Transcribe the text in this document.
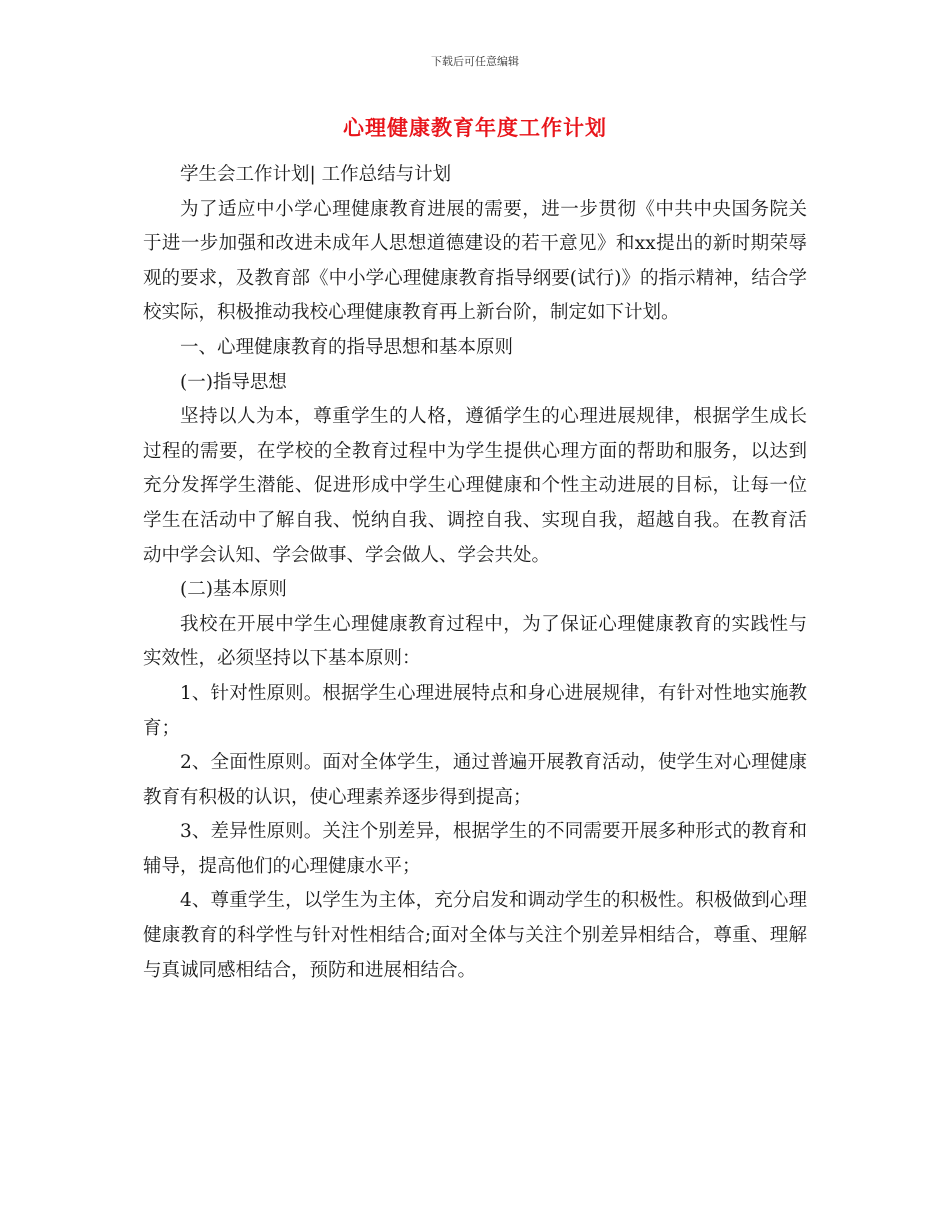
下载后可任意编辑
心理健康教育年度工作计划

学生会工作计划| 工作总结与计划

为了适应中小学心理健康教育进展的需要，进一步贯彻《中共中央国务院关于进一步加强和改进未成年人思想道德建设的若干意见》和xx提出的新时期荣辱观的要求，及教育部《中小学心理健康教育指导纲要(试行)》的指示精神，结合学校实际，积极推动我校心理健康教育再上新台阶，制定如下计划。

一、心理健康教育的指导思想和基本原则

(一)指导思想

坚持以人为本，尊重学生的人格，遵循学生的心理进展规律，根据学生成长过程的需要，在学校的全教育过程中为学生提供心理方面的帮助和服务，以达到充分发挥学生潜能、促进形成中学生心理健康和个性主动进展的目标，让每一位学生在活动中了解自我、悦纳自我、调控自我、实现自我，超越自我。在教育活动中学会认知、学会做事、学会做人、学会共处。

(二)基本原则

我校在开展中学生心理健康教育过程中，为了保证心理健康教育的实践性与实效性，必须坚持以下基本原则：

1、针对性原则。根据学生心理进展特点和身心进展规律，有针对性地实施教育；

2、全面性原则。面对全体学生，通过普遍开展教育活动，使学生对心理健康教育有积极的认识，使心理素养逐步得到提高；

3、差异性原则。关注个别差异，根据学生的不同需要开展多种形式的教育和辅导，提高他们的心理健康水平；

4、尊重学生，以学生为主体，充分启发和调动学生的积极性。积极做到心理健康教育的科学性与针对性相结合;面对全体与关注个别差异相结合，尊重、理解与真诚同感相结合，预防和进展相结合。
